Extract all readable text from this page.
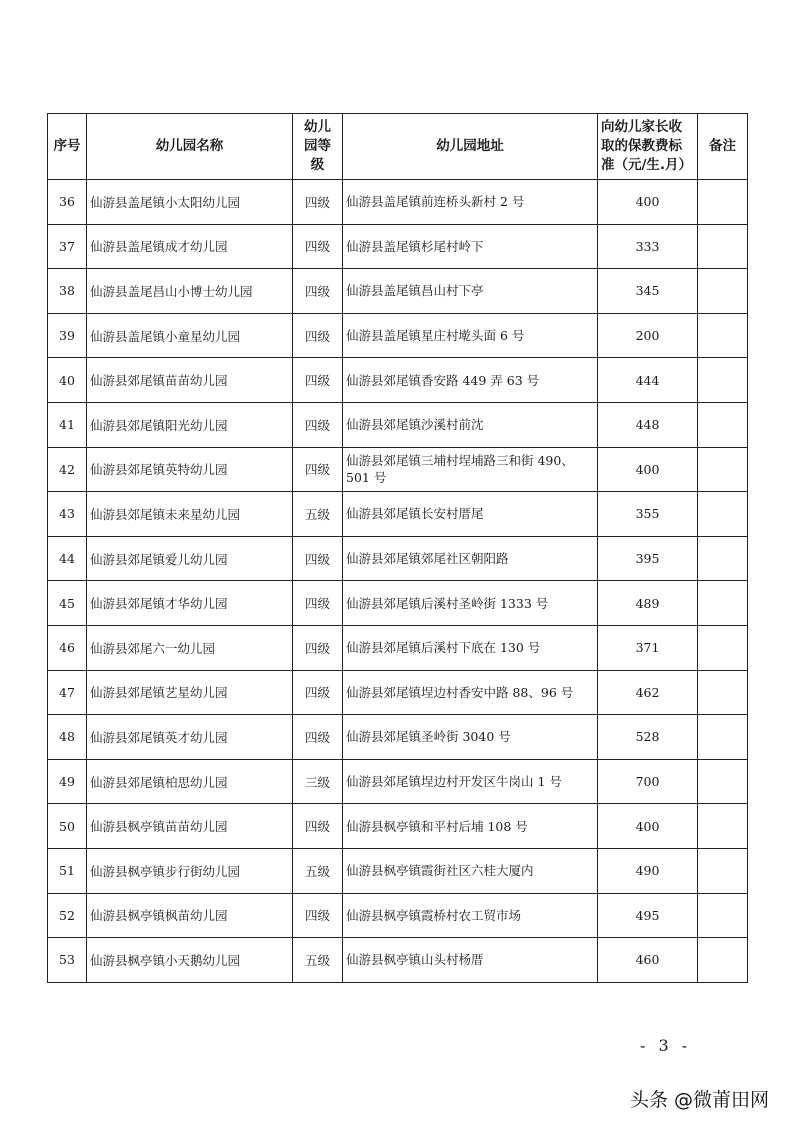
序号	幼儿园名称	幼儿园等级	幼儿园地址	向幼儿家长收取的保教费标准（元/生.月）	备注
36	仙游县盖尾镇小太阳幼儿园	四级	仙游县盖尾镇前连桥头新村 2 号	400	
37	仙游县盖尾镇成才幼儿园	四级	仙游县盖尾镇杉尾村岭下	333	
38	仙游县盖尾昌山小博士幼儿园	四级	仙游县盖尾镇昌山村下亭	345	
39	仙游县盖尾镇小童星幼儿园	四级	仙游县盖尾镇星庄村墘头面 6 号	200	
40	仙游县郊尾镇苗苗幼儿园	四级	仙游县郊尾镇香安路 449 弄 63 号	444	
41	仙游县郊尾镇阳光幼儿园	四级	仙游县郊尾镇沙溪村前沈	448	
42	仙游县郊尾镇英特幼儿园	四级	仙游县郊尾镇三埔村埕埔路三和街 490、501 号	400	
43	仙游县郊尾镇未来星幼儿园	五级	仙游县郊尾镇长安村厝尾	355	
44	仙游县郊尾镇爱儿幼儿园	四级	仙游县郊尾镇郊尾社区朝阳路	395	
45	仙游县郊尾镇才华幼儿园	四级	仙游县郊尾镇后溪村圣岭街 1333 号	489	
46	仙游县郊尾六一幼儿园	四级	仙游县郊尾镇后溪村下底在 130 号	371	
47	仙游县郊尾镇艺星幼儿园	四级	仙游县郊尾镇埕边村香安中路 88、96 号	462	
48	仙游县郊尾镇英才幼儿园	四级	仙游县郊尾镇圣岭街 3040 号	528	
49	仙游县郊尾镇柏思幼儿园	三级	仙游县郊尾镇埕边村开发区牛岗山 1 号	700	
50	仙游县枫亭镇苗苗幼儿园	四级	仙游县枫亭镇和平村后埔 108 号	400	
51	仙游县枫亭镇步行街幼儿园	五级	仙游县枫亭镇霞街社区六桂大厦内	490	
52	仙游县枫亭镇枫苗幼儿园	四级	仙游县枫亭镇霞桥村农工贸市场	495	
53	仙游县枫亭镇小天鹅幼儿园	五级	仙游县枫亭镇山头村杨厝	460	
- 3 -
头条 @微莆田网
